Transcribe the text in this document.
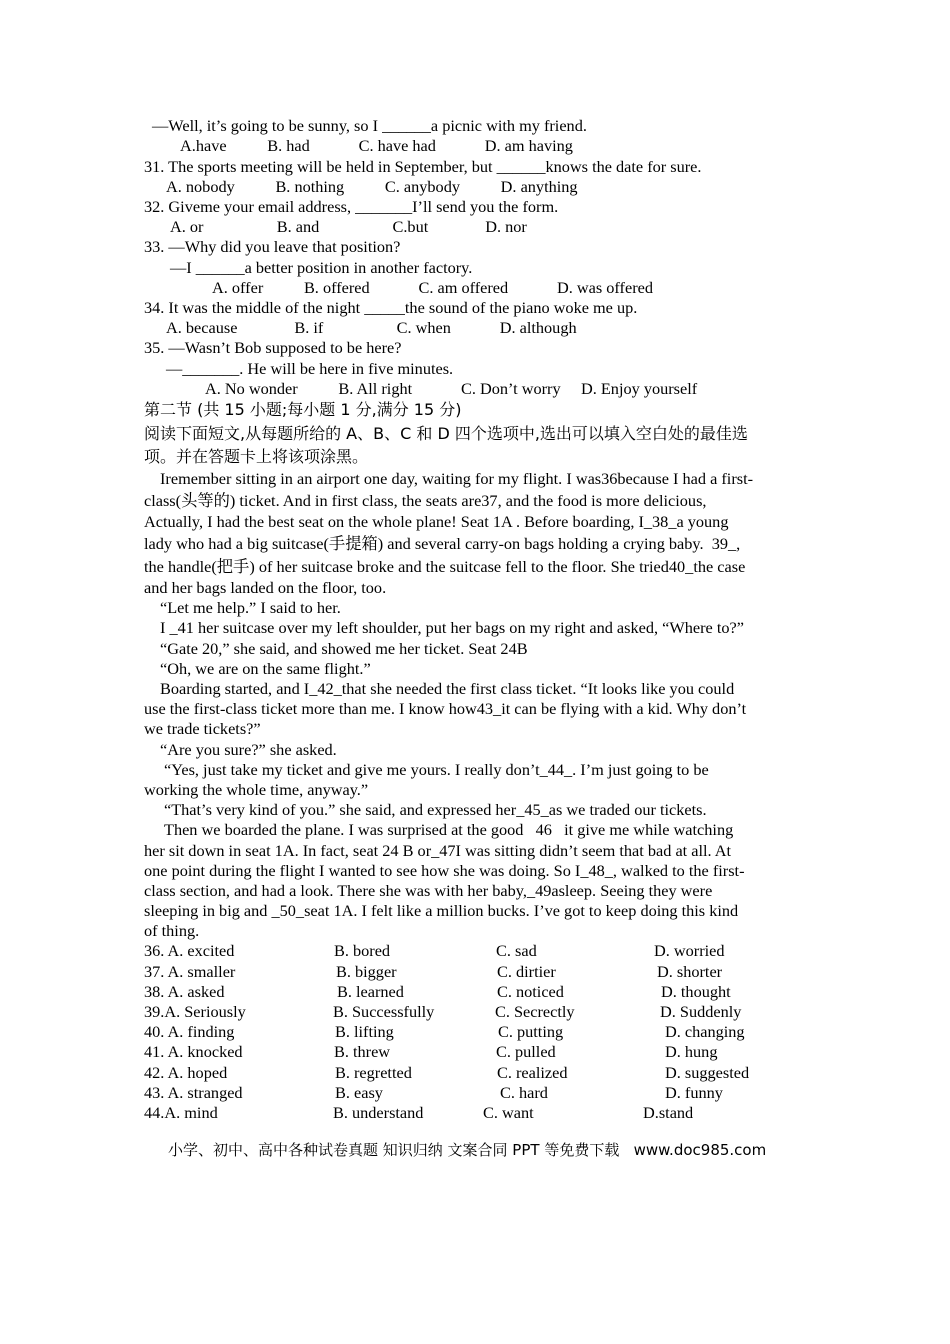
—Well, it’s going to be sunny, so I ______a picnic with my friend.
A.have          B. had            C. have had            D. am having
31. The sports meeting will be held in September, but ______knows the date for sure.
A. nobody          B. nothing          C. anybody          D. anything
32. Giveme your email address, _______I’ll send you the form.
A. or                  B. and                  C.but              D. nor
33. —Why did you leave that position?
—I ______a better position in another factory.
A. offer          B. offered            C. am offered            D. was offered
34. It was the middle of the night _____the sound of the piano woke me up.
A. because              B. if                  C. when            D. although
35. —Wasn’t Bob supposed to be here?
—_______. He will be here in five minutes.
A. No wonder          B. All right            C. Don’t worry     D. Enjoy yourself
第二节 (共 15 小题;每小题 1 分,满分 15 分)
阅读下面短文,从每题所给的 A、B、C 和 D 四个选项中,选出可以填入空白处的最佳选
项。并在答题卡上将该项涂黑。
Iremember sitting in an airport one day, waiting for my flight. I was36because I had a first-
class(头等的) ticket. And in first class, the seats are37, and the food is more delicious,
Actually, I had the best seat on the whole plane! Seat 1A . Before boarding, I_38_a young
lady who had a big suitcase(手提箱) and several carry-on bags holding a crying baby.  39_,
the handle(把手) of her suitcase broke and the suitcase fell to the floor. She tried40_the case
and her bags landed on the floor, too.
“Let me help.” I said to her.
I _41 her suitcase over my left shoulder, put her bags on my right and asked, “Where to?”
“Gate 20,” she said, and showed me her ticket. Seat 24B
“Oh, we are on the same flight.”
Boarding started, and I_42_that she needed the first class ticket. “It looks like you could
use the first-class ticket more than me. I know how43_it can be flying with a kid. Why don’t
we trade tickets?”
“Are you sure?” she asked.
“Yes, just take my ticket and give me yours. I really don’t_44_. I’m just going to be
working the whole time, anyway.”
“That’s very kind of you.” she said, and expressed her_45_as we traded our tickets.
Then we boarded the plane. I was surprised at the good   46   it give me while watching
her sit down in seat 1A. In fact, seat 24 B or_47I was sitting didn’t seem that bad at all. At
one point during the flight I wanted to see how she was doing. So I_48_, walked to the first-
class section, and had a look. There she was with her baby,_49asleep. Seeing they were
sleeping in big and _50_seat 1A. I felt like a million bucks. I’ve got to keep doing this kind
of thing.
36. A. excited	B. bored	C. sad	D. worried
37. A. smaller	B. bigger	C. dirtier	D. shorter
38. A. asked	B. learned	C. noticed	D. thought
39.A. Seriously	B. Successfully	C. Secrectly	D. Suddenly
40. A. finding	B. lifting	C. putting	D. changing
41. A. knocked	B. threw	C. pulled	D. hung
42. A. hoped	B. regretted	C. realized	D. suggested
43. A. stranged	B. easy	C. hard	D. funny
44.A. mind	B. understand	C. want	D.stand
小学、初中、高中各种试卷真题 知识归纳 文案合同 PPT 等免费下载   www.doc985.com
